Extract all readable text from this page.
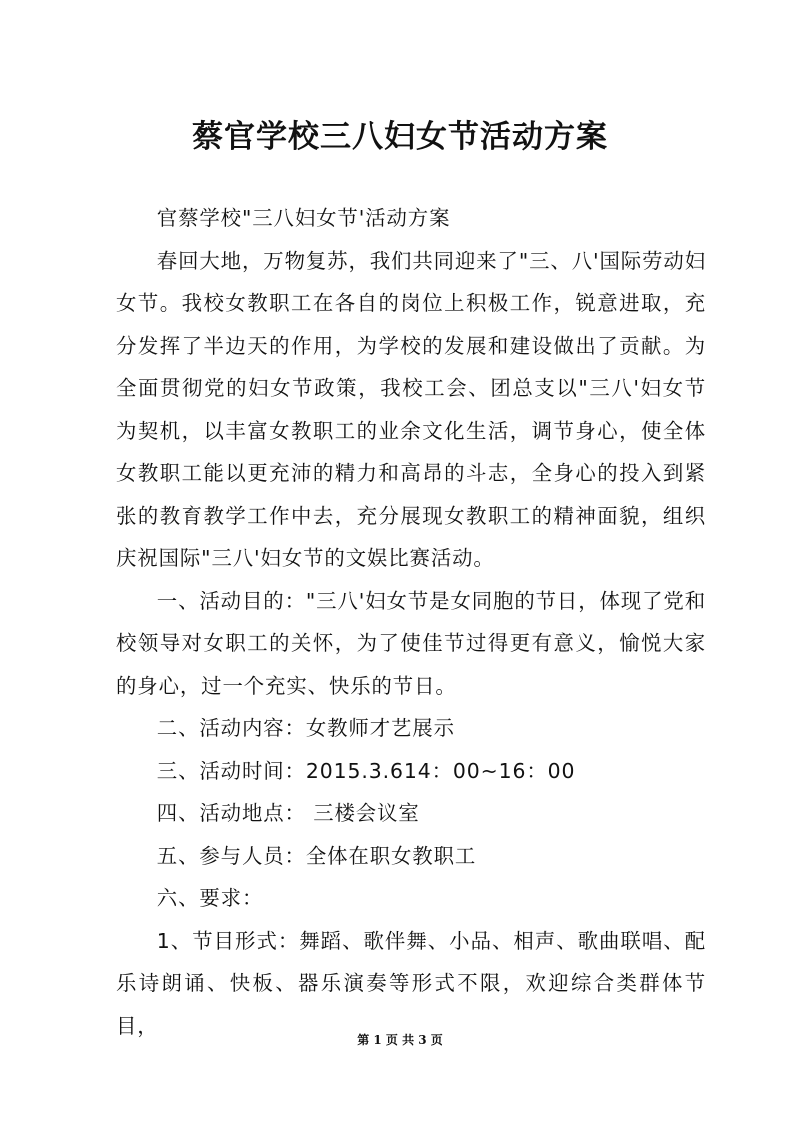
蔡官学校三八妇女节活动方案

官蔡学校"三八妇女节'活动方案

春回大地，万物复苏，我们共同迎来了"三、八'国际劳动妇女节。我校女教职工在各自的岗位上积极工作，锐意进取，充分发挥了半边天的作用，为学校的发展和建设做出了贡献。为全面贯彻党的妇女节政策，我校工会、团总支以"三八'妇女节为契机，以丰富女教职工的业余文化生活，调节身心，使全体女教职工能以更充沛的精力和高昂的斗志，全身心的投入到紧张的教育教学工作中去，充分展现女教职工的精神面貌，组织庆祝国际"三八'妇女节的文娱比赛活动。

一、活动目的："三八'妇女节是女同胞的节日，体现了党和校领导对女职工的关怀，为了使佳节过得更有意义，愉悦大家的身心，过一个充实、快乐的节日。

二、活动内容：女教师才艺展示

三、活动时间：2015.3.614：00~16：00

四、活动地点： 三楼会议室

五、参与人员：全体在职女教职工

六、要求：

1、节目形式：舞蹈、歌伴舞、小品、相声、歌曲联唱、配乐诗朗诵、快板、器乐演奏等形式不限，欢迎综合类群体节目，

第 1 页 共 3 页
